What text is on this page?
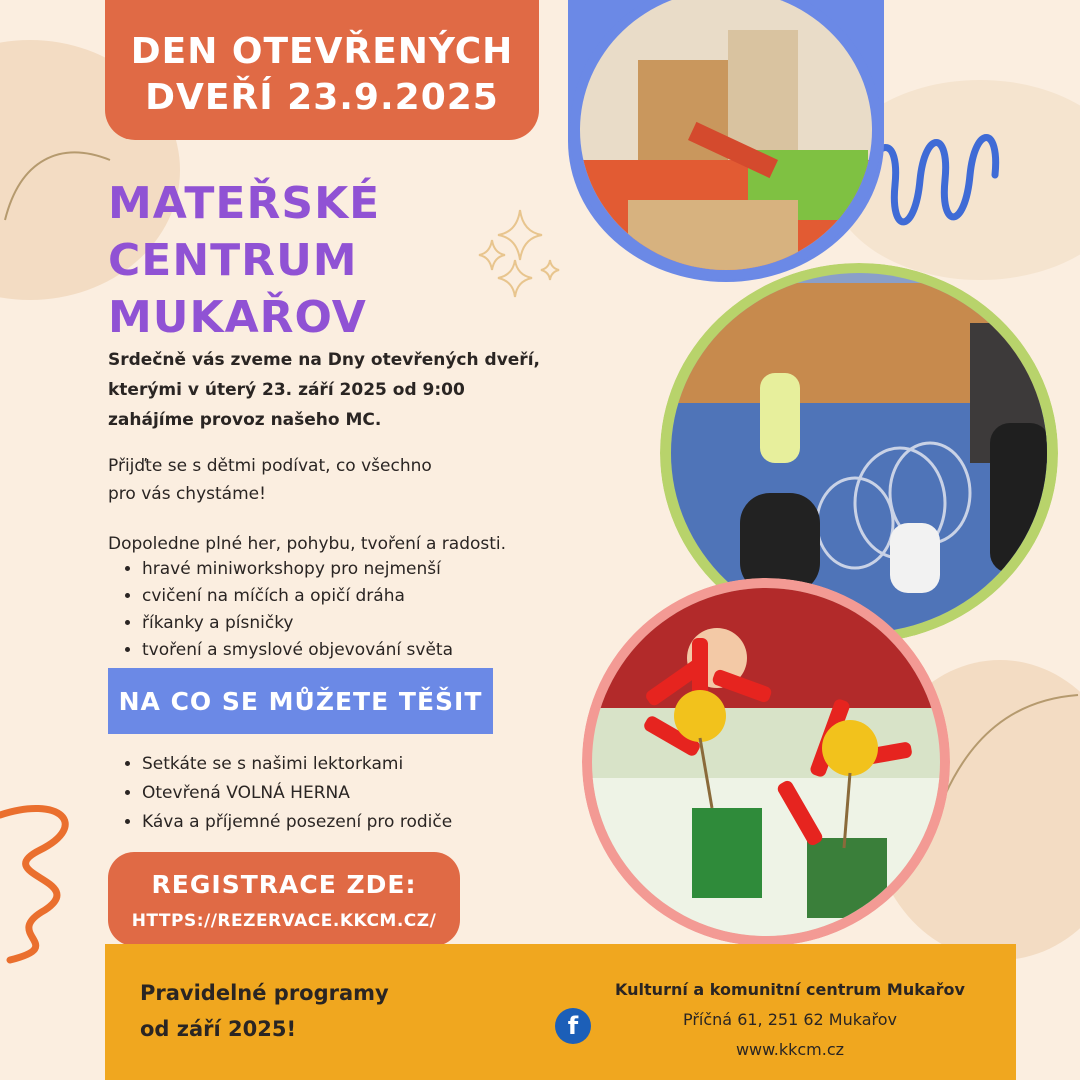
DEN OTEVŘENÝCH
DVEŘÍ 23.9.2025
MATEŘSKÉ
CENTRUM
MUKAŘOV
Srdečně vás zveme na Dny otevřených dveří,
kterými v úterý 23. září 2025 od 9:00
zahájíme provoz našeho MC.
Přijďte se s dětmi podívat, co všechno
pro vás chystáme!
Dopoledne plné her, pohybu, tvoření a radosti.
• hravé miniworkshopy pro nejmenší
• cvičení na míčích a opičí dráha
• říkanky a písničky
• tvoření a smyslové objevování světa
NA CO SE MŮŽETE TĚŠIT
• Setkáte se s našimi lektorkami
• Otevřená VOLNÁ HERNA
• Káva a příjemné posezení pro rodiče
REGISTRACE ZDE:
HTTPS://REZERVACE.KKCM.CZ/
Pravidelné programy
od září 2025!	f
Kulturní a komunitní centrum Mukařov
Příčná 61, 251 62 Mukařov
www.kkcm.cz
